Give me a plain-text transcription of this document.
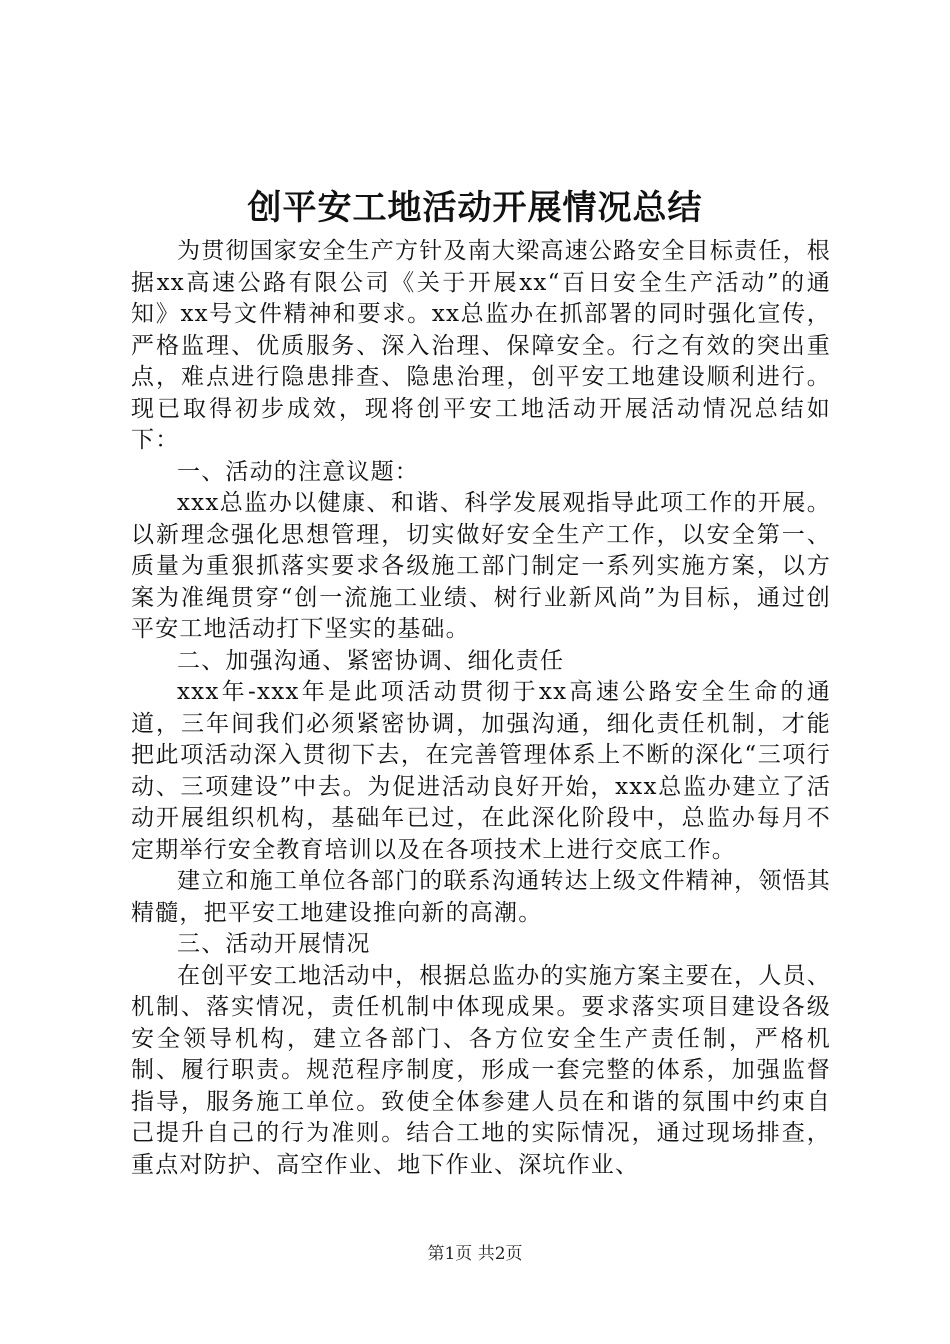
创平安工地活动开展情况总结

为贯彻国家安全生产方针及南大梁高速公路安全目标责任，根据xx高速公路有限公司《关于开展xx“百日安全生产活动”的通知》xx号文件精神和要求。xx总监办在抓部署的同时强化宣传，严格监理、优质服务、深入治理、保障安全。行之有效的突出重点，难点进行隐患排查、隐患治理，创平安工地建设顺利进行。现已取得初步成效，现将创平安工地活动开展活动情况总结如下：

一、活动的注意议题：

xxx总监办以健康、和谐、科学发展观指导此项工作的开展。以新理念强化思想管理，切实做好安全生产工作，以安全第一、质量为重狠抓落实要求各级施工部门制定一系列实施方案，以方案为准绳贯穿“创一流施工业绩、树行业新风尚”为目标，通过创平安工地活动打下坚实的基础。

二、加强沟通、紧密协调、细化责任

xxx年-xxx年是此项活动贯彻于xx高速公路安全生命的通道，三年间我们必须紧密协调，加强沟通，细化责任机制，才能把此项活动深入贯彻下去，在完善管理体系上不断的深化“三项行动、三项建设”中去。为促进活动良好开始，xxx总监办建立了活动开展组织机构，基础年已过，在此深化阶段中，总监办每月不定期举行安全教育培训以及在各项技术上进行交底工作。

建立和施工单位各部门的联系沟通转达上级文件精神，领悟其精髓，把平安工地建设推向新的高潮。

三、活动开展情况

在创平安工地活动中，根据总监办的实施方案主要在，人员、机制、落实情况，责任机制中体现成果。要求落实项目建设各级安全领导机构，建立各部门、各方位安全生产责任制，严格机制、履行职责。规范程序制度，形成一套完整的体系，加强监督指导，服务施工单位。致使全体参建人员在和谐的氛围中约束自己提升自己的行为准则。结合工地的实际情况，通过现场排查，重点对防护、高空作业、地下作业、深坑作业、

第1页 共2页
